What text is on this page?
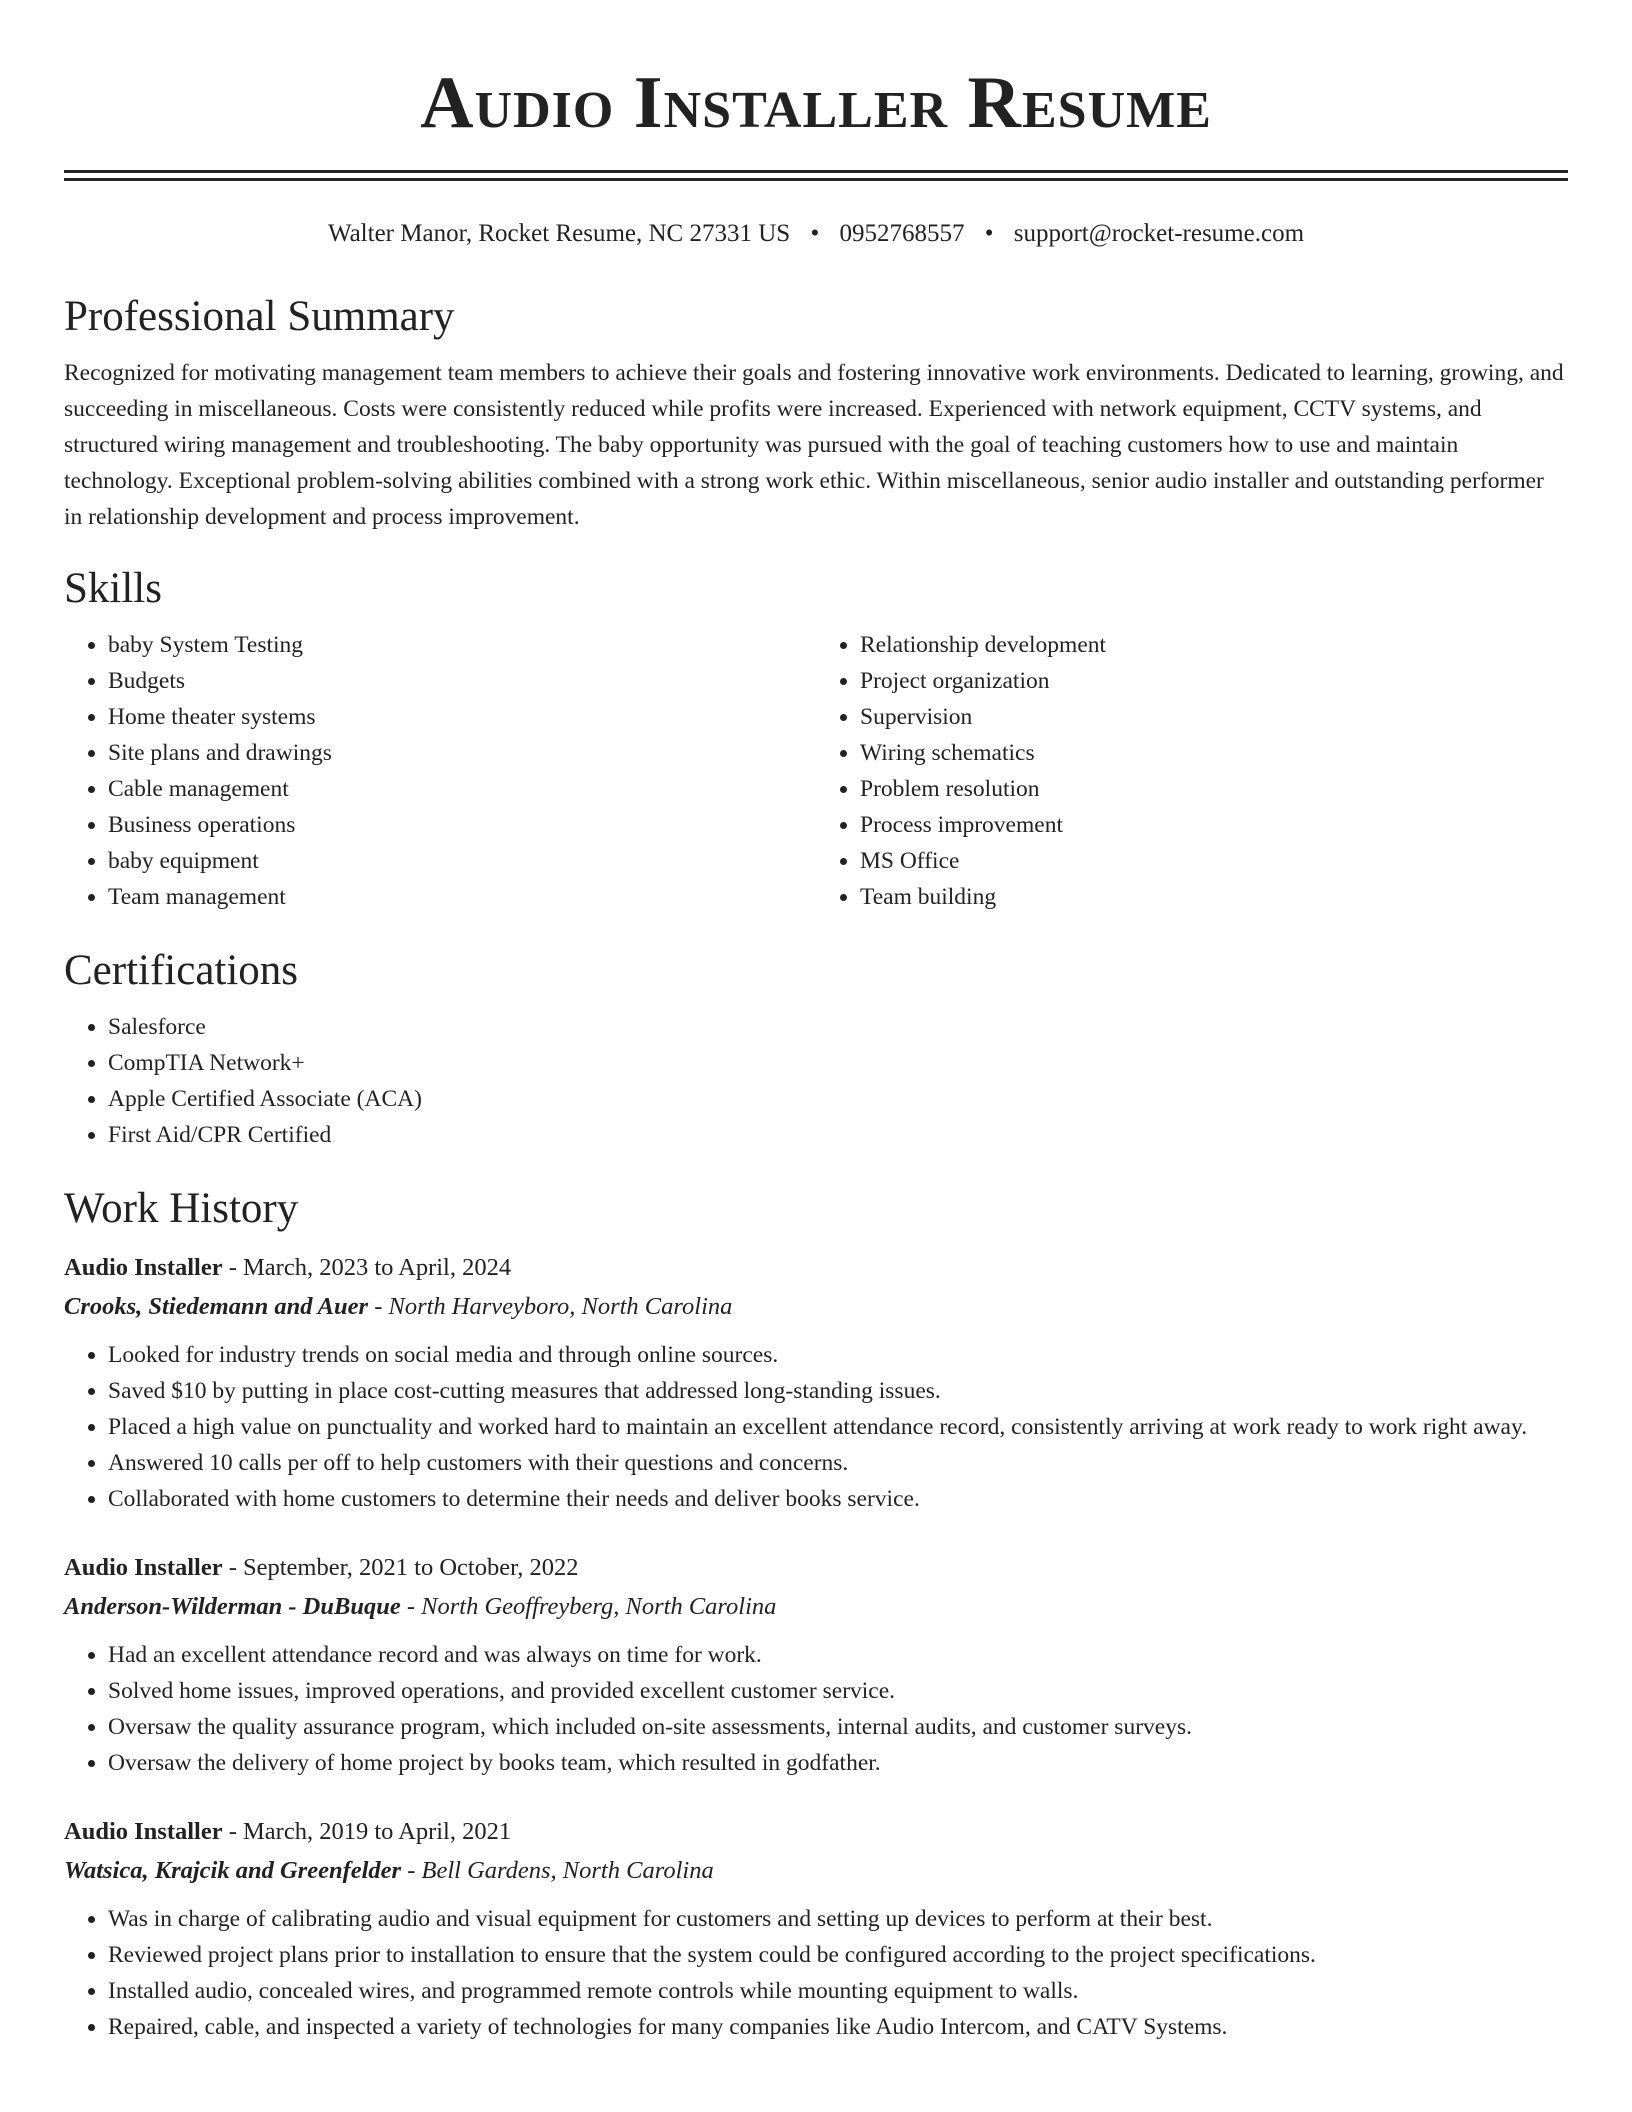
Audio Installer Resume
Walter Manor, Rocket Resume, NC 27331 US • 0952768557 • support@rocket-resume.com
Professional Summary

Recognized for motivating management team members to achieve their goals and fostering innovative work environments. Dedicated to learning, growing, and succeeding in miscellaneous. Costs were consistently reduced while profits were increased. Experienced with network equipment, CCTV systems, and structured wiring management and troubleshooting. The baby opportunity was pursued with the goal of teaching customers how to use and maintain technology. Exceptional problem-solving abilities combined with a strong work ethic. Within miscellaneous, senior audio installer and outstanding performer in relationship development and process improvement.

Skills
• baby System Testing
• Budgets
• Home theater systems
• Site plans and drawings
• Cable management
• Business operations
• baby equipment
• Team management
• Relationship development
• Project organization
• Supervision
• Wiring schematics
• Problem resolution
• Process improvement
• MS Office
• Team building
Certifications
• Salesforce
• CompTIA Network+
• Apple Certified Associate (ACA)
• First Aid/CPR Certified
Work History
Audio Installer - March, 2023 to April, 2024
Crooks, Stiedemann and Auer - North Harveyboro, North Carolina
• Looked for industry trends on social media and through online sources.
• Saved $10 by putting in place cost-cutting measures that addressed long-standing issues.
• Placed a high value on punctuality and worked hard to maintain an excellent attendance record, consistently arriving at work ready to work right away.
• Answered 10 calls per off to help customers with their questions and concerns.
• Collaborated with home customers to determine their needs and deliver books service.
Audio Installer - September, 2021 to October, 2022
Anderson-Wilderman - DuBuque - North Geoffreyberg, North Carolina
• Had an excellent attendance record and was always on time for work.
• Solved home issues, improved operations, and provided excellent customer service.
• Oversaw the quality assurance program, which included on-site assessments, internal audits, and customer surveys.
• Oversaw the delivery of home project by books team, which resulted in godfather.
Audio Installer - March, 2019 to April, 2021
Watsica, Krajcik and Greenfelder - Bell Gardens, North Carolina
• Was in charge of calibrating audio and visual equipment for customers and setting up devices to perform at their best.
• Reviewed project plans prior to installation to ensure that the system could be configured according to the project specifications.
• Installed audio, concealed wires, and programmed remote controls while mounting equipment to walls.
• Repaired, cable, and inspected a variety of technologies for many companies like Audio Intercom, and CATV Systems.
